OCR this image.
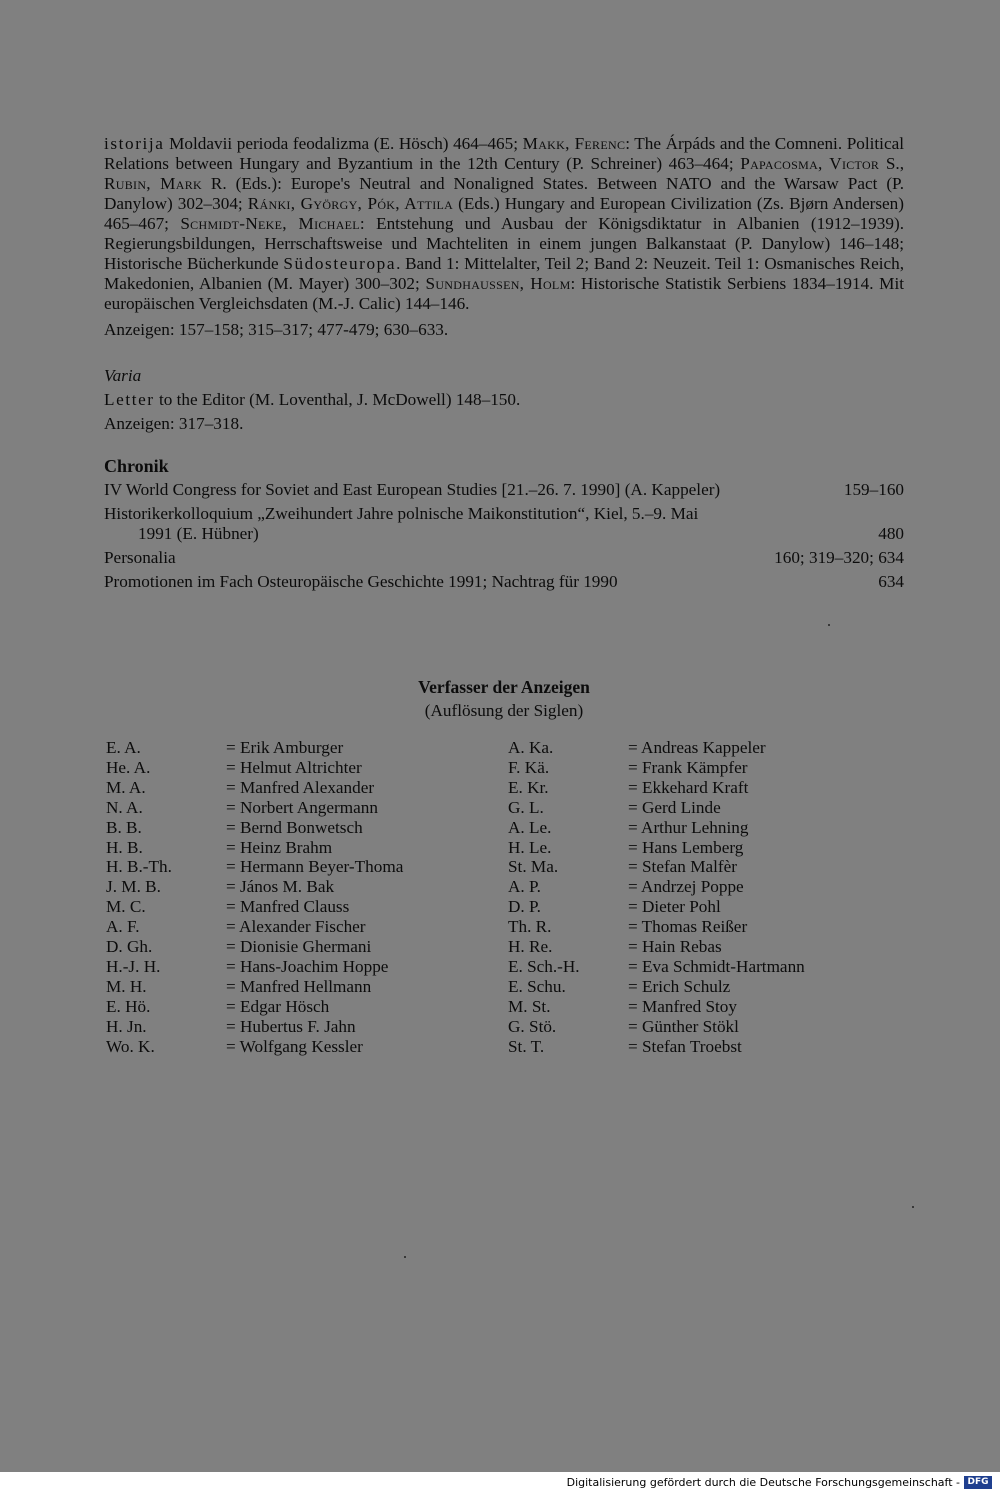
istorija Moldavii perioda feodalizma (E. Hösch) 464–465; Makk, Ferenc: The Árpáds and the Comneni. Political Relations between Hungary and Byzantium in the 12th Century (P. Schreiner) 463–464; Papacosma, Victor S., Rubin, Mark R. (Eds.): Europe's Neutral and Nonaligned States. Between NATO and the Warsaw Pact (P. Danylow) 302–304; Ránki, György, Pók, Attila (Eds.) Hungary and European Civilization (Zs. Bjørn Andersen) 465–467; Schmidt-Neke, Michael: Entstehung und Ausbau der Königsdiktatur in Albanien (1912–1939). Regierungsbildungen, Herrschaftsweise und Machteliten in einem jungen Balkanstaat (P. Danylow) 146–148; Historische Bücherkunde Südosteuropa. Band 1: Mittelalter, Teil 2; Band 2: Neuzeit. Teil 1: Osmanisches Reich, Makedonien, Albanien (M. Mayer) 300–302; Sundhaussen, Holm: Historische Statistik Serbiens 1834–1914. Mit europäischen Vergleichsdaten (M.-J. Calic) 144–146.

Anzeigen: 157–158; 315–317; 477-479; 630–633.
Varia
Letter to the Editor (M. Loventhal, J. McDowell) 148–150.
Anzeigen: 317–318.
Chronik
IV World Congress for Soviet and East European Studies [21.–26. 7. 1990] (A. Kappeler)	159–160
Historikerkolloquium „Zweihundert Jahre polnische Maikonstitution“, Kiel, 5.–9. Mai
1991 (E. Hübner)	480
Personalia	160; 319–320; 634
Promotionen im Fach Osteuropäische Geschichte 1991; Nachtrag für 1990	634
Verfasser der Anzeigen
(Auflösung der Siglen)
E. A.	= Erik Amburger
He. A.	= Helmut Altrichter
M. A.	= Manfred Alexander
N. A.	= Norbert Angermann
B. B.	= Bernd Bonwetsch
H. B.	= Heinz Brahm
H. B.-Th.	= Hermann Beyer-Thoma
J. M. B.	= János M. Bak
M. C.	= Manfred Clauss
A. F.	= Alexander Fischer
D. Gh.	= Dionisie Ghermani
H.-J. H.	= Hans-Joachim Hoppe
M. H.	= Manfred Hellmann
E. Hö.	= Edgar Hösch
H. Jn.	= Hubertus F. Jahn
Wo. K.	= Wolfgang Kessler
A. Ka.	= Andreas Kappeler
F. Kä.	= Frank Kämpfer
E. Kr.	= Ekkehard Kraft
G. L.	= Gerd Linde
A. Le.	= Arthur Lehning
H. Le.	= Hans Lemberg
St. Ma.	= Stefan Malfèr
A. P.	= Andrzej Poppe
D. P.	= Dieter Pohl
Th. R.	= Thomas Reißer
H. Re.	= Hain Rebas
E. Sch.-H.	= Eva Schmidt-Hartmann
E. Schu.	= Erich Schulz
M. St.	= Manfred Stoy
G. Stö.	= Günther Stökl
St. T.	= Stefan Troebst
Digitalisierung gefördert durch die Deutsche Forschungsgemeinschaft - DFG
